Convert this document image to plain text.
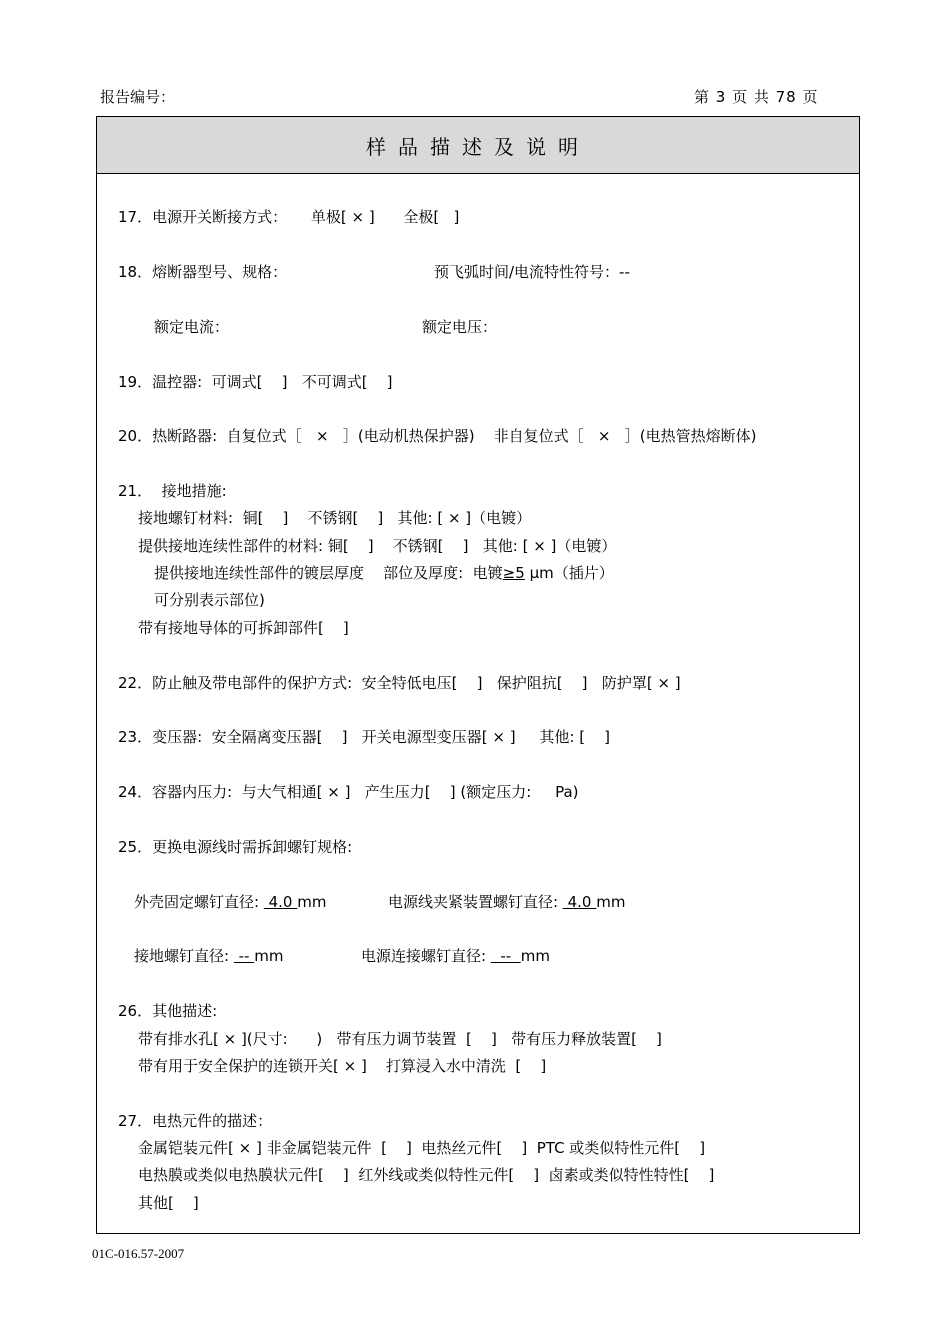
报告编号：	第 3 页 共 78 页
样品描述及说明
17．电源开关断接方式：     单极[ × ]      全极[   ]
18．熔断器型号、规格：	预飞弧时间/电流特性符号：--
额定电流：	额定电压：
19．温控器:  可调式[    ]   不可调式[    ]
20．热断路器:  自复位式［   ×   ］(电动机热保护器)    非自复位式［   ×   ］(电热管热熔断体)
21．  接地措施:
接地螺钉材料:  铜[    ]    不锈钢[    ]   其他: [ × ]（电镀）
提供接地连续性部件的材料: 铜[    ]    不锈钢[    ]   其他: [ × ]（电镀）
提供接地连续性部件的镀层厚度    部位及厚度:  电镀≥5 μm（插片）
可分别表示部位)
带有接地导体的可拆卸部件[    ]
22．防止触及带电部件的保护方式:  安全特低电压[    ]   保护阻抗[    ]   防护罩[ × ]
23．变压器:  安全隔离变压器[    ]   开关电源型变压器[ × ]     其他: [    ]
24．容器内压力:  与大气相通[ × ]   产生压力[    ] (额定压力:     Pa)
25．更换电源线时需拆卸螺钉规格:
外壳固定螺钉直径:  4.0 mm	电源线夹紧装置螺钉直径:  4.0 mm
接地螺钉直径:  -- mm	电源连接螺钉直径:   --  mm
26．其他描述:
带有排水孔[ × ](尺寸:      )   带有压力调节装置  [    ]   带有压力释放装置[    ]
带有用于安全保护的连锁开关[ × ]    打算浸入水中清洗  [    ]
27．电热元件的描述：
金属铠装元件[ × ] 非金属铠装元件  [    ]  电热丝元件[    ]  PTC 或类似特性元件[    ]
电热膜或类似电热膜状元件[    ]  红外线或类似特性元件[    ]  卤素或类似特性特性[    ]
其他[    ]
01C-016.57-2007
